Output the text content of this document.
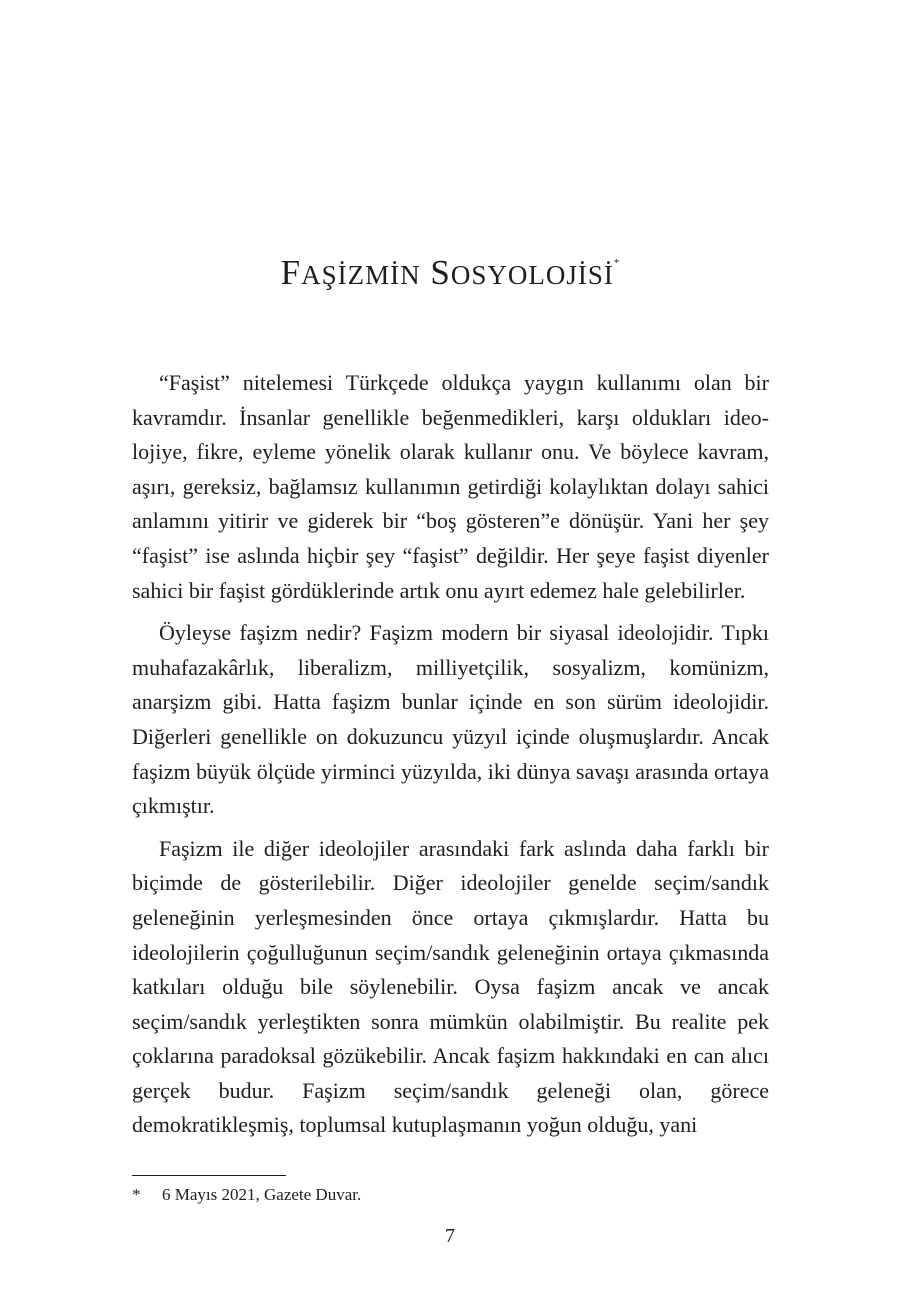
FAŞİZMİN SOSYOLOJİSİ*

“Faşist” nitelemesi Türkçede oldukça yaygın kullanımı olan bir kavramdır. İnsanlar genellikle beğenmedikleri, karşı oldukları ideolojiye, fikre, eyleme yönelik olarak kullanır onu. Ve böylece kavram, aşırı, gereksiz, bağlamsız kullanımın getirdiği kolaylıktan dolayı sahici anlamını yitirir ve giderek bir “boş gösteren”e dönüşür. Yani her şey “faşist” ise aslında hiçbir şey “faşist” değildir. Her şeye faşist diyenler sahici bir faşist gördüklerinde artık onu ayırt edemez hale gelebilirler.

Öyleyse faşizm nedir? Faşizm modern bir siyasal ideolojidir. Tıpkı muhafazakârlık, liberalizm, milliyetçilik, sosyalizm, komünizm, anarşizm gibi. Hatta faşizm bunlar içinde en son sürüm ideolojidir. Diğerleri genellikle on dokuzuncu yüzyıl içinde oluşmuşlardır. Ancak faşizm büyük ölçüde yirminci yüzyılda, iki dünya savaşı arasında ortaya çıkmıştır.

Faşizm ile diğer ideolojiler arasındaki fark aslında daha farklı bir biçimde de gösterilebilir. Diğer ideolojiler genelde seçim/sandık geleneğinin yerleşmesinden önce ortaya çıkmışlardır. Hatta bu ideolojilerin çoğulluğunun seçim/sandık geleneğinin ortaya çıkmasında katkıları olduğu bile söylenebilir. Oysa faşizm ancak ve ancak seçim/sandık yerleştikten sonra mümkün olabilmiştir. Bu realite pek çoklarına paradoksal gözükebilir. Ancak faşizm hakkındaki en can alıcı gerçek budur. Faşizm seçim/sandık geleneği olan, görece demokratikleşmiş, toplumsal kutuplaşmanın yoğun olduğu, yani

* 6 Mayıs 2021, Gazete Duvar.
7
